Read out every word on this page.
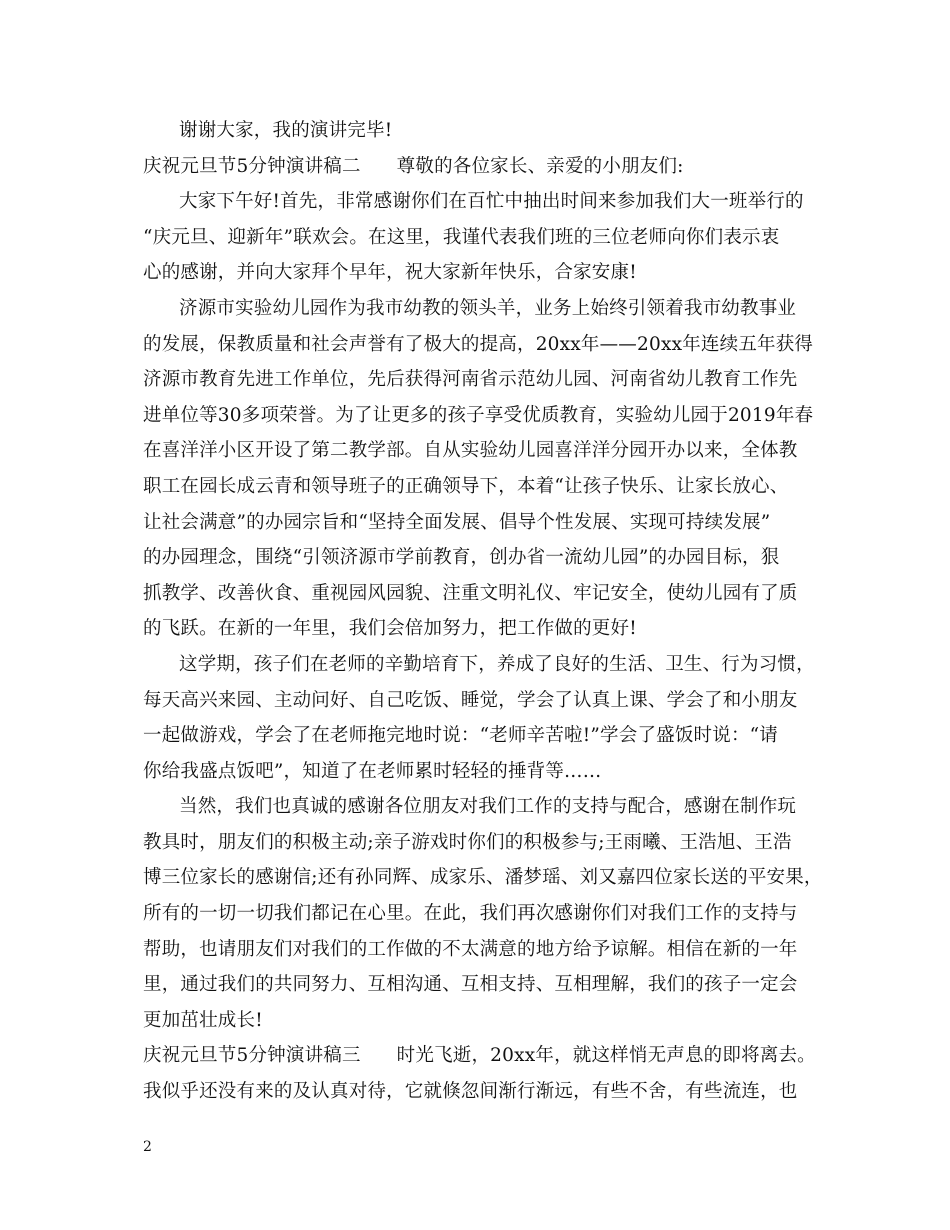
谢谢大家，我的演讲完毕!
庆祝元旦节5分钟演讲稿二 尊敬的各位家长、亲爱的小朋友们:
大家下午好!首先，非常感谢你们在百忙中抽出时间来参加我们大一班举行的
“庆元旦、迎新年”联欢会。在这里，我谨代表我们班的三位老师向你们表示衷
心的感谢，并向大家拜个早年，祝大家新年快乐，合家安康!
济源市实验幼儿园作为我市幼教的领头羊，业务上始终引领着我市幼教事业
的发展，保教质量和社会声誉有了极大的提高，20xx年——20xx年连续五年获得
济源市教育先进工作单位，先后获得河南省示范幼儿园、河南省幼儿教育工作先
进单位等30多项荣誉。为了让更多的孩子享受优质教育，实验幼儿园于2019年春
在喜洋洋小区开设了第二教学部。自从实验幼儿园喜洋洋分园开办以来，全体教
职工在园长成云青和领导班子的正确领导下，本着“让孩子快乐、让家长放心、
让社会满意”的办园宗旨和“坚持全面发展、倡导个性发展、实现可持续发展”
的办园理念，围绕“引领济源市学前教育，创办省一流幼儿园”的办园目标，狠
抓教学、改善伙食、重视园风园貌、注重文明礼仪、牢记安全，使幼儿园有了质
的飞跃。在新的一年里，我们会倍加努力，把工作做的更好!
这学期，孩子们在老师的辛勤培育下，养成了良好的生活、卫生、行为习惯，
每天高兴来园、主动问好、自己吃饭、睡觉，学会了认真上课、学会了和小朋友
一起做游戏，学会了在老师拖完地时说：“老师辛苦啦!”学会了盛饭时说：“请
你给我盛点饭吧”，知道了在老师累时轻轻的捶背等……
当然，我们也真诚的感谢各位朋友对我们工作的支持与配合，感谢在制作玩
教具时，朋友们的积极主动;亲子游戏时你们的积极参与;王雨曦、王浩旭、王浩
博三位家长的感谢信;还有孙同辉、成家乐、潘梦瑶、刘又嘉四位家长送的平安果，
所有的一切一切我们都记在心里。在此，我们再次感谢你们对我们工作的支持与
帮助，也请朋友们对我们的工作做的不太满意的地方给予谅解。相信在新的一年
里，通过我们的共同努力、互相沟通、互相支持、互相理解，我们的孩子一定会
更加茁壮成长!
庆祝元旦节5分钟演讲稿三 时光飞逝，20xx年，就这样悄无声息的即将离去。
我似乎还没有来的及认真对待，它就倏忽间渐行渐远，有些不舍，有些流连，也
2
